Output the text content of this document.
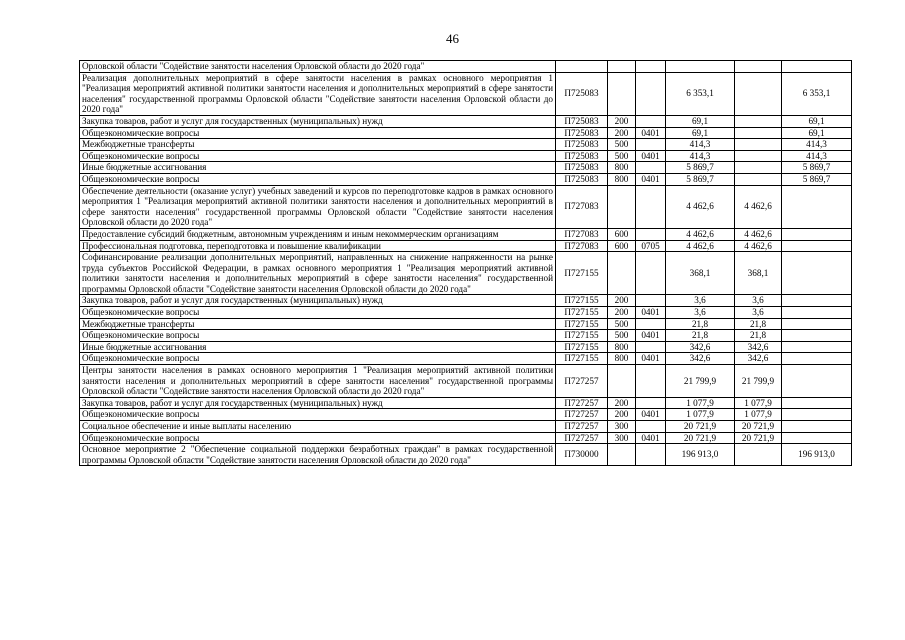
46
Орловской области "Содействие занятости населения Орловской области до 2020 года"						
Реализация дополнительных мероприятий в сфере занятости населения в рамках основного мероприятия 1 "Реализация мероприятий активной политики занятости населения и дополнительных мероприятий в сфере занятости населения" государственной программы Орловской области "Содействие занятости населения Орловской области до 2020 года"	П725083			6 353,1		6 353,1
Закупка товаров, работ и услуг для государственных (муниципальных) нужд	П725083	200		69,1		69,1
Общеэкономические вопросы	П725083	200	0401	69,1		69,1
Межбюджетные трансферты	П725083	500		414,3		414,3
Общеэкономические вопросы	П725083	500	0401	414,3		414,3
Иные бюджетные ассигнования	П725083	800		5 869,7		5 869,7
Общеэкономические вопросы	П725083	800	0401	5 869,7		5 869,7
Обеспечение деятельности (оказание услуг) учебных заведений и курсов по переподготовке кадров в рамках основного мероприятия 1 "Реализация мероприятий активной политики занятости населения и дополнительных мероприятий в сфере занятости населения" государственной программы Орловской области "Содействие занятости населения Орловской области до 2020 года"	П727083			4 462,6	4 462,6	
Предоставление субсидий бюджетным, автономным учреждениям и иным некоммерческим организациям	П727083	600		4 462,6	4 462,6	
Профессиональная подготовка, переподготовка и повышение квалификации	П727083	600	0705	4 462,6	4 462,6	
Софинансирование реализации дополнительных мероприятий, направленных на снижение напряженности на рынке труда субъектов Российской Федерации, в рамках основного мероприятия 1 "Реализация мероприятий активной политики занятости населения и дополнительных мероприятий в сфере занятости населения" государственной программы Орловской области "Содействие занятости населения Орловской области до 2020 года"	П727155			368,1	368,1	
Закупка товаров, работ и услуг для государственных (муниципальных) нужд	П727155	200		3,6	3,6	
Общеэкономические вопросы	П727155	200	0401	3,6	3,6	
Межбюджетные трансферты	П727155	500		21,8	21,8	
Общеэкономические вопросы	П727155	500	0401	21,8	21,8	
Иные бюджетные ассигнования	П727155	800		342,6	342,6	
Общеэкономические вопросы	П727155	800	0401	342,6	342,6	
Центры занятости населения в рамках основного мероприятия 1 "Реализация мероприятий активной политики занятости населения и дополнительных мероприятий в сфере занятости населения" государственной программы Орловской области "Содействие занятости населения Орловской области до 2020 года"	П727257			21 799,9	21 799,9	
Закупка товаров, работ и услуг для государственных (муниципальных) нужд	П727257	200		1 077,9	1 077,9	
Общеэкономические вопросы	П727257	200	0401	1 077,9	1 077,9	
Социальное обеспечение и иные выплаты населению	П727257	300		20 721,9	20 721,9	
Общеэкономические вопросы	П727257	300	0401	20 721,9	20 721,9	
Основное мероприятие 2 "Обеспечение социальной поддержки безработных граждан" в рамках государственной программы Орловской области "Содействие занятости населения Орловской области до 2020 года"	П730000			196 913,0		196 913,0
